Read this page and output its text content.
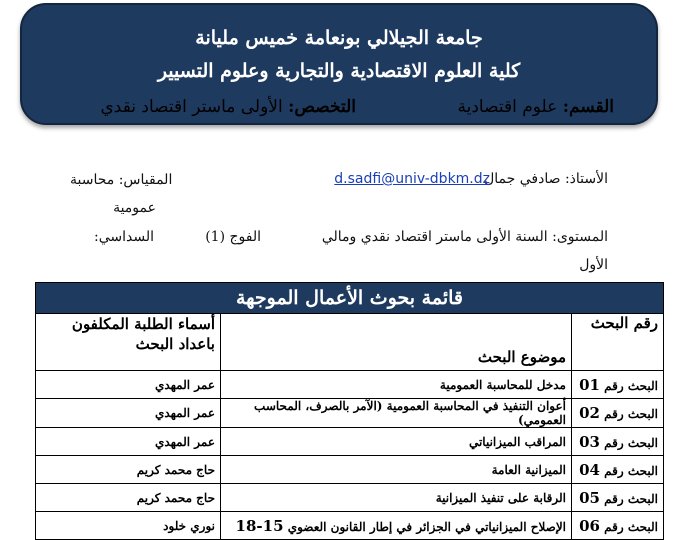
جامعة الجيلالي بونعامة خميس مليانة
كلية العلوم الاقتصادية والتجارية وعلوم التسيير
القسم: علوم اقتصادية
التخصص: الأولى ماستر اقتصاد نقدي
الأستاذ: صادفي جمال
d.sadfi@univ-dbkm.dz
المقياس: محاسبة
عمومية
المستوى: السنة الأولى ماستر اقتصاد نقدي ومالي
الفوج (1)
السداسي:
الأول
قائمة بحوث الأعمال الموجهة		
رقم البحث	موضوع البحث	أسماء الطلبة المكلفون باعداد البحث
البحث رقم 01	مدخل للمحاسبة العمومية	عمر المهدي
البحث رقم 02	أعوان التنفيذ في المحاسبة العمومية (الآمر بالصرف، المحاسب العمومي)	عمر المهدي
البحث رقم 03	المراقب الميزانياتي	عمر المهدي
البحث رقم 04	الميزانية العامة	حاج محمد كريم
البحث رقم 05	الرقابة على تنفيذ الميزانية	حاج محمد كريم
البحث رقم 06	الإصلاح الميزانياتي في الجزائر في إطار القانون العضوي 15-18	نوري خلود
